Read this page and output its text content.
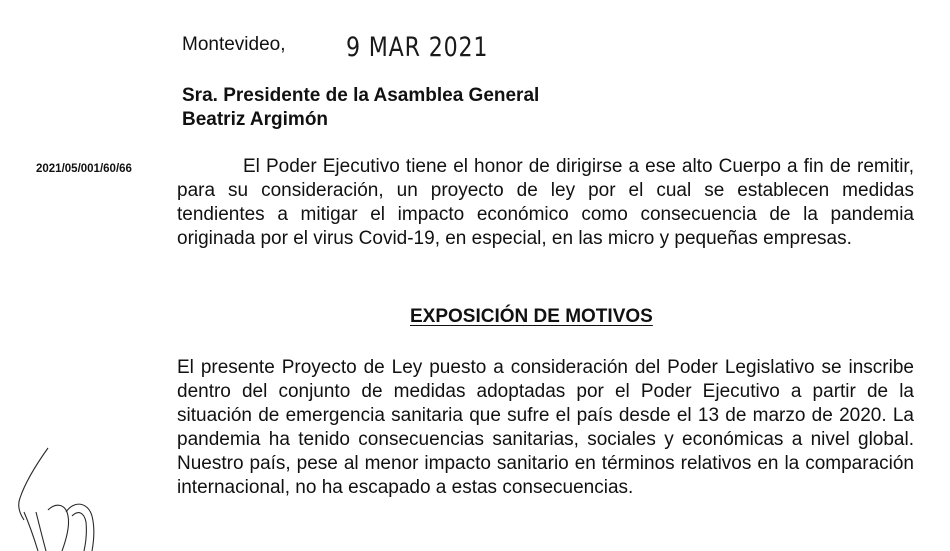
Montevideo, 9 MAR 2021
Sra. Presidente de la Asamblea General
Beatriz Argimón
2021/05/001/60/66	El Poder Ejecutivo tiene el honor de dirigirse a ese alto Cuerpo a fin de remitir, para su consideración, un proyecto de ley por el cual se establecen medidas tendientes a mitigar el impacto económico como consecuencia de la pandemia originada por el virus Covid-19, en especial, en las micro y pequeñas empresas.

EXPOSICIÓN DE MOTIVOS

El presente Proyecto de Ley puesto a consideración del Poder Legislativo se inscribe dentro del conjunto de medidas adoptadas por el Poder Ejecutivo a partir de la situación de emergencia sanitaria que sufre el país desde el 13 de marzo de 2020. La pandemia ha tenido consecuencias sanitarias, sociales y económicas a nivel global. Nuestro país, pese al menor impacto sanitario en términos relativos en la comparación internacional, no ha escapado a estas consecuencias.
